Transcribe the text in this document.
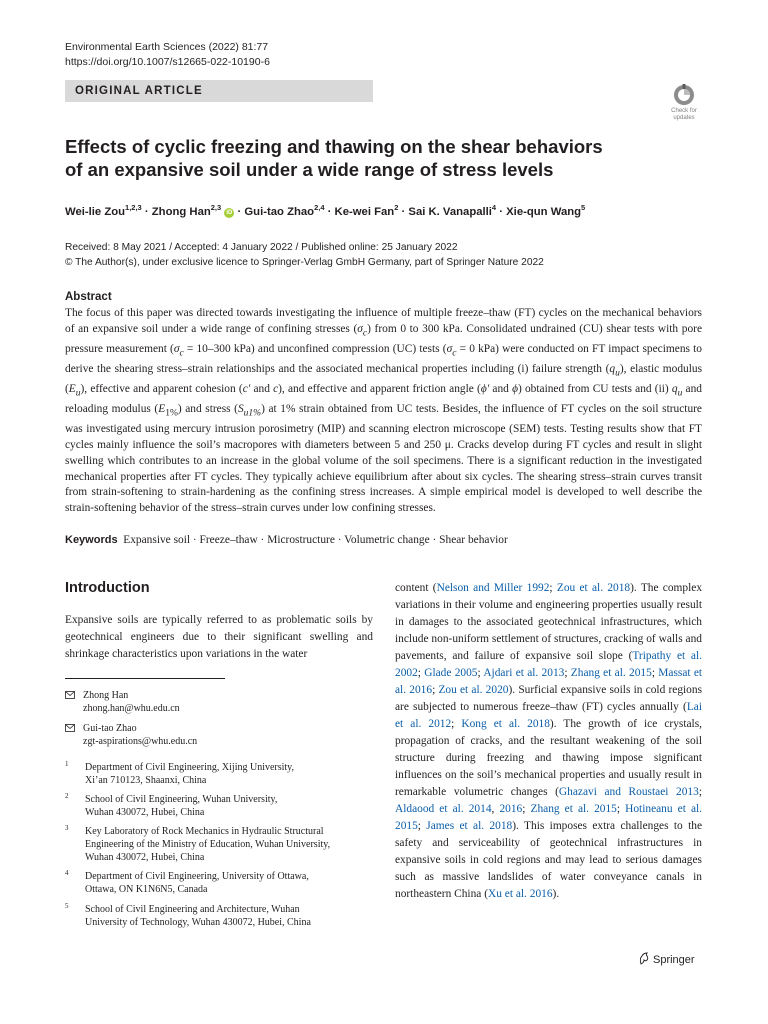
Environmental Earth Sciences (2022) 81:77
https://doi.org/10.1007/s12665-022-10190-6
ORIGINAL ARTICLE
Check for
updates
Effects of cyclic freezing and thawing on the shear behaviors
of an expansive soil under a wide range of stress levels
Wei-lie Zou$^{1,2,3}$ · Zhong Han$^{2,3}$ iD · Gui-tao Zhao$^{2,4}$ · Ke-wei Fan$^2$ · Sai K. Vanapalli$^4$ · Xie-qun Wang$^5$
Received: 8 May 2021 / Accepted: 4 January 2022 / Published online: 25 January 2022
© The Author(s), under exclusive licence to Springer-Verlag GmbH Germany, part of Springer Nature 2022
Abstract

The focus of this paper was directed towards investigating the influence of multiple freeze–thaw (FT) cycles on the mechanical behaviors of an expansive soil under a wide range of confining stresses $(\sigma_c)$ from 0 to 300 kPa. Consolidated undrained (CU) shear tests with pore pressure measurement ($\sigma_c = 10-300$ kPa) and unconfined compression (UC) tests ($\sigma_c = 0$ kPa) were conducted on FT impact specimens to derive the shearing stress–strain relationships and the associated mechanical properties including (i) failure strength $(q_u)$, elastic modulus $(E_u)$, effective and apparent cohesion (c′ and c), and effective and apparent friction angle (ϕ′ and ϕ) obtained from CU tests and (ii) $q_u$ and reloading modulus $(E_{1\%})$ and stress $(S_{u1\%})$ at 1% strain obtained from UC tests. Besides, the influence of FT cycles on the soil structure was investigated using mercury intrusion porosimetry (MIP) and scanning electron microscope (SEM) tests. Testing results show that FT cycles mainly influence the soil’s macropores with diameters between 5 and 250 μ. Cracks develop during FT cycles and result in slight swelling which contributes to an increase in the global volume of the soil specimens. There is a significant reduction in the investigated mechanical properties after FT cycles. They typically achieve equilibrium after about six cycles. The shearing stress–strain curves transit from strain-softening to strain-hardening as the confining stress increases. A simple empirical model is developed to well describe the strain-softening behavior of the stress–strain curves under low confining stresses.

Keywords Expansive soil · Freeze–thaw · Microstructure · Volumetric change · Shear behavior
Introduction

Expansive soils are typically referred to as problematic soils by geotechnical engineers due to their significant swelling and shrinkage characteristics upon variations in the water

Zhong Han
zhong.han@whu.edu.cn
Gui-tao Zhao
zgt-aspirations@whu.edu.cn
1 Department of Civil Engineering, Xijing University,
Xi’an 710123, Shaanxi, China
2 School of Civil Engineering, Wuhan University,
Wuhan 430072, Hubei, China
3 Key Laboratory of Rock Mechanics in Hydraulic Structural
Engineering of the Ministry of Education, Wuhan University,
Wuhan 430072, Hubei, China
4 Department of Civil Engineering, University of Ottawa,
Ottawa, ON K1N6N5, Canada
5 School of Civil Engineering and Architecture, Wuhan
University of Technology, Wuhan 430072, Hubei, China

content (Nelson and Miller 1992; Zou et al. 2018). The complex variations in their volume and engineering properties usually result in damages to the associated geotechnical infrastructures, which include non-uniform settlement of structures, cracking of walls and pavements, and failure of expansive soil slope (Tripathy et al. 2002; Glade 2005; Ajdari et al. 2013; Zhang et al. 2015; Massat et al. 2016; Zou et al. 2020). Surficial expansive soils in cold regions are subjected to numerous freeze–thaw (FT) cycles annually (Lai et al. 2012; Kong et al. 2018). The growth of ice crystals, propagation of cracks, and the resultant weakening of the soil structure during freezing and thawing impose significant influences on the soil’s mechanical properties and usually result in remarkable volumetric changes (Ghazavi and Roustaei 2013; Aldaood et al. 2014, 2016; Zhang et al. 2015; Hotineanu et al. 2015; James et al. 2018). This imposes extra challenges to the safety and serviceability of geotechnical infrastructures in expansive soils in cold regions and may lead to serious damages such as massive landslides of water conveyance canals in northeastern China (Xu et al. 2016).

Springer
